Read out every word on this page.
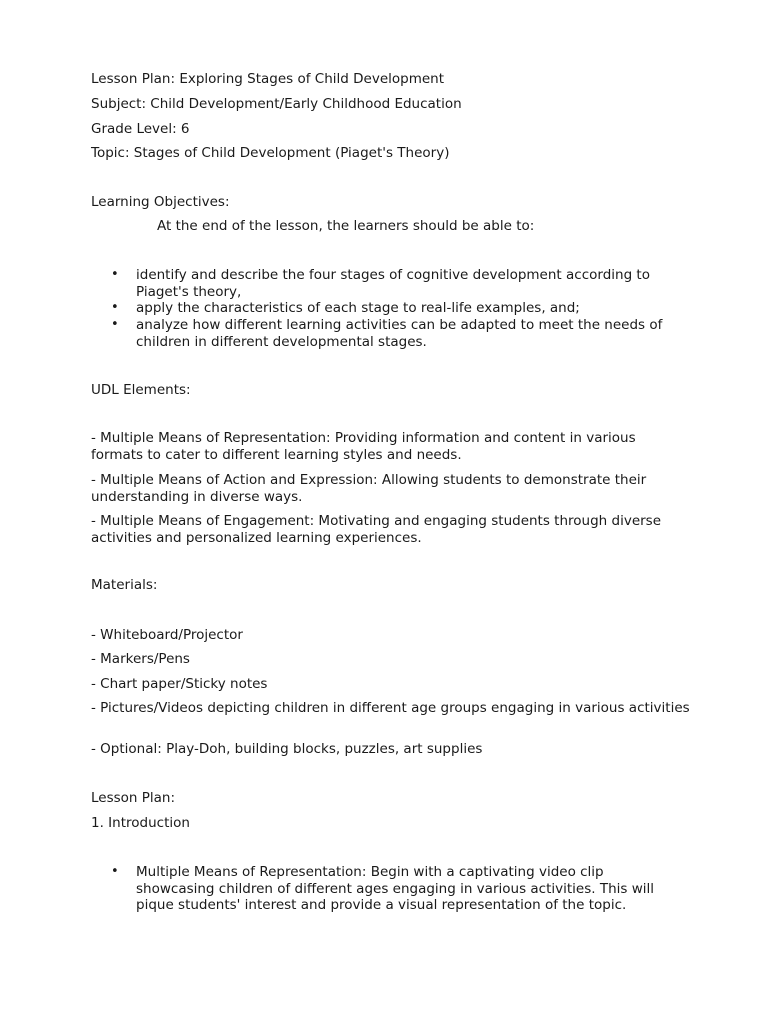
Lesson Plan: Exploring Stages of Child Development
Subject: Child Development/Early Childhood Education
Grade Level: 6
Topic: Stages of Child Development (Piaget's Theory)
Learning Objectives:
At the end of the lesson, the learners should be able to:
• identify and describe the four stages of cognitive development according to Piaget's theory,
• apply the characteristics of each stage to real-life examples, and;
• analyze how different learning activities can be adapted to meet the needs of children in different developmental stages.
UDL Elements:
- Multiple Means of Representation: Providing information and content in various formats to cater to different learning styles and needs.
- Multiple Means of Action and Expression: Allowing students to demonstrate their understanding in diverse ways.
- Multiple Means of Engagement: Motivating and engaging students through diverse activities and personalized learning experiences.
Materials:
- Whiteboard/Projector
- Markers/Pens
- Chart paper/Sticky notes
- Pictures/Videos depicting children in different age groups engaging in various activities
- Optional: Play-Doh, building blocks, puzzles, art supplies
Lesson Plan:
1. Introduction
• Multiple Means of Representation: Begin with a captivating video clip showcasing children of different ages engaging in various activities. This will pique students' interest and provide a visual representation of the topic.
